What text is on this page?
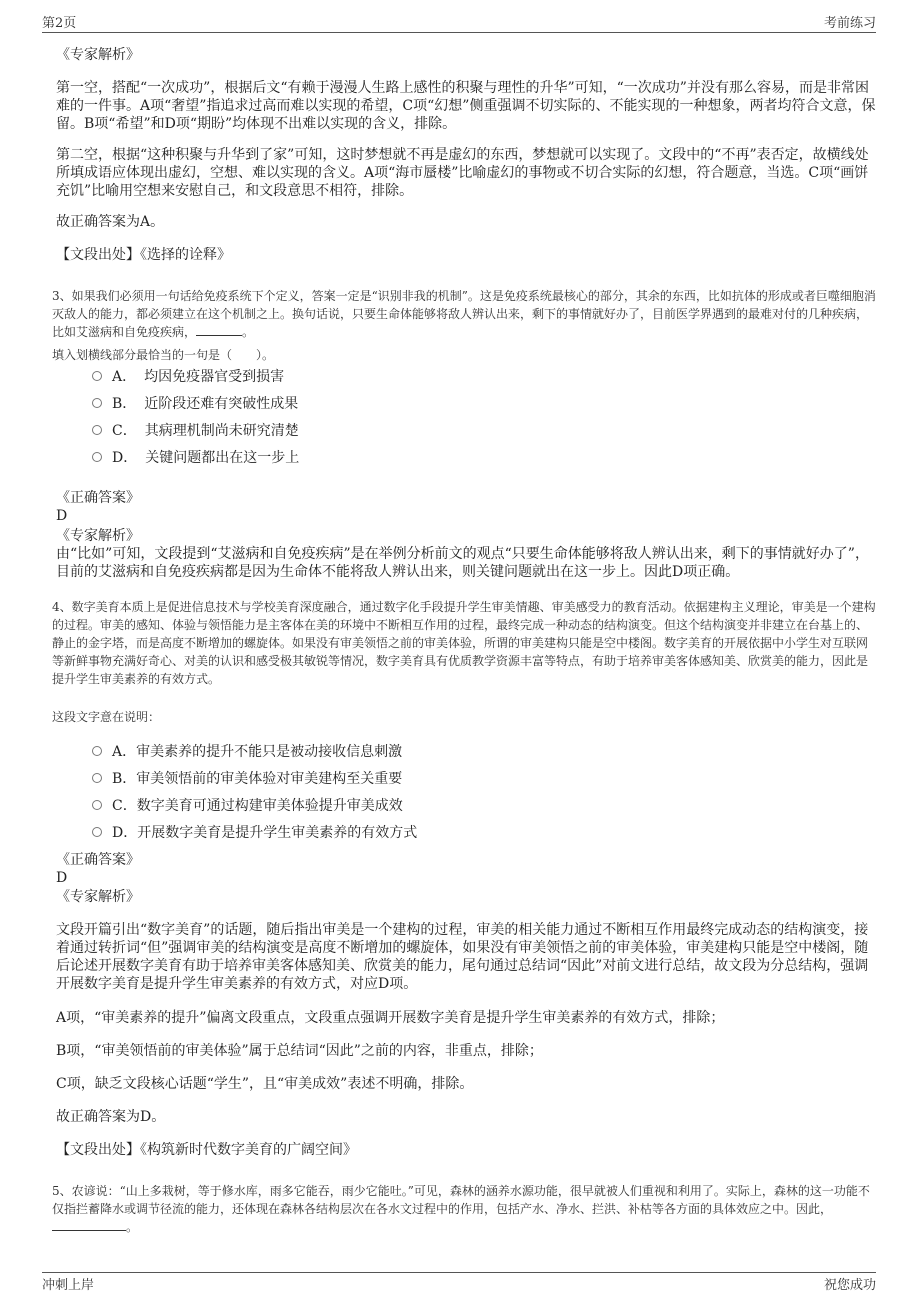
第2页	考前练习

《专家解析》

第一空，搭配“一次成功”，根据后文“有赖于漫漫人生路上感性的积聚与理性的升华”可知，“一次成功”并没有那么容易，而是非常困难的一件事。A项“奢望”指追求过高而难以实现的希望，C项“幻想”侧重强调不切实际的、不能实现的一种想象，两者均符合文意，保留。B项“希望”和D项“期盼”均体现不出难以实现的含义，排除。

第二空，根据“这种积聚与升华到了家”可知，这时梦想就不再是虚幻的东西，梦想就可以实现了。文段中的“不再”表否定，故横线处所填成语应体现出虚幻，空想、难以实现的含义。A项“海市蜃楼”比喻虚幻的事物或不切合实际的幻想，符合题意，当选。C项“画饼充饥”比喻用空想来安慰自己，和文段意思不相符，排除。

故正确答案为A。

【文段出处】《选择的诠释》

3、如果我们必须用一句话给免疫系统下个定义，答案一定是“识别非我的机制”。这是免疫系统最核心的部分，其余的东西，比如抗体的形成或者巨噬细胞消灭敌人的能力，都必须建立在这个机制之上。换句话说，只要生命体能够将敌人辨认出来，剩下的事情就好办了，目前医学界遇到的最难对付的几种疾病，比如艾滋病和自免疫疾病，	。

填入划横线部分最恰当的一句是（　　）。

A． 均因免疫器官受到损害
B． 近阶段还难有突破性成果
C． 其病理机制尚未研究清楚
D． 关键问题都出在这一步上

《正确答案》

D

《专家解析》

由“比如”可知，文段提到“艾滋病和自免疫疾病”是在举例分析前文的观点“只要生命体能够将敌人辨认出来，剩下的事情就好办了”，目前的艾滋病和自免疫疾病都是因为生命体不能将敌人辨认出来，则关键问题就出在这一步上。因此D项正确。

4、数字美育本质上是促进信息技术与学校美育深度融合，通过数字化手段提升学生审美情趣、审美感受力的教育活动。依据建构主义理论，审美是一个建构的过程。审美的感知、体验与领悟能力是主客体在美的环境中不断相互作用的过程，最终完成一种动态的结构演变。但这个结构演变并非建立在台基上的、静止的金字塔，而是高度不断增加的螺旋体。如果没有审美领悟之前的审美体验，所谓的审美建构只能是空中楼阁。数字美育的开展依据中小学生对互联网等新鲜事物充满好奇心、对美的认识和感受极其敏锐等情况，数字美育具有优质教学资源丰富等特点，有助于培养审美客体感知美、欣赏美的能力，因此是提升学生审美素养的有效方式。

这段文字意在说明：

A． 审美素养的提升不能只是被动接收信息刺激
B． 审美领悟前的审美体验对审美建构至关重要
C． 数字美育可通过构建审美体验提升审美成效
D． 开展数字美育是提升学生审美素养的有效方式

《正确答案》

D

《专家解析》

文段开篇引出“数字美育”的话题，随后指出审美是一个建构的过程，审美的相关能力通过不断相互作用最终完成动态的结构演变，接着通过转折词“但”强调审美的结构演变是高度不断增加的螺旋体，如果没有审美领悟之前的审美体验，审美建构只能是空中楼阁，随后论述开展数字美育有助于培养审美客体感知美、欣赏美的能力，尾句通过总结词“因此”对前文进行总结，故文段为分总结构，强调开展数字美育是提升学生审美素养的有效方式，对应D项。

A项，“审美素养的提升”偏离文段重点，文段重点强调开展数字美育是提升学生审美素养的有效方式，排除；

B项，“审美领悟前的审美体验”属于总结词“因此”之前的内容，非重点，排除；

C项，缺乏文段核心话题“学生”，且“审美成效”表述不明确，排除。

故正确答案为D。

【文段出处】《构筑新时代数字美育的广阔空间》

5、农谚说：“山上多栽树，等于修水库，雨多它能吞，雨少它能吐。”可见，森林的涵养水源功能，很早就被人们重视和利用了。实际上，森林的这一功能不仅指拦蓄降水或调节径流的能力，还体现在森林各结构层次在各水文过程中的作用，包括产水、净水、拦洪、补枯等各方面的具体效应之中。因此，。

冲刺上岸	祝您成功
